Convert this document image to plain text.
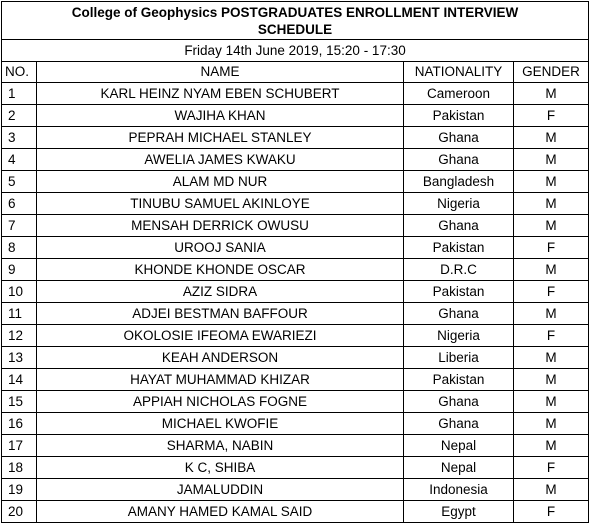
College of Geophysics POSTGRADUATES ENROLLMENT INTERVIEW
SCHEDULE			

Friday 14th June 2019, 15:20 - 17:30			
NO.	NAME	NATIONALITY	GENDER
1	KARL HEINZ NYAM EBEN SCHUBERT	Cameroon	M
2	WAJIHA KHAN	Pakistan	F
3	PEPRAH MICHAEL STANLEY	Ghana	M
4	AWELIA JAMES KWAKU	Ghana	M
5	ALAM MD NUR	Bangladesh	M
6	TINUBU SAMUEL AKINLOYE	Nigeria	M
7	MENSAH DERRICK OWUSU	Ghana	M
8	UROOJ SANIA	Pakistan	F
9	KHONDE KHONDE OSCAR	D.R.C	M
10	AZIZ SIDRA	Pakistan	F
11	ADJEI BESTMAN BAFFOUR	Ghana	M
12	OKOLOSIE IFEOMA EWARIEZI	Nigeria	F
13	KEAH ANDERSON	Liberia	M
14	HAYAT MUHAMMAD KHIZAR	Pakistan	M
15	APPIAH NICHOLAS FOGNE	Ghana	M
16	MICHAEL KWOFIE	Ghana	M
17	SHARMA, NABIN	Nepal	M
18	K C, SHIBA	Nepal	F
19	JAMALUDDIN	Indonesia	M
20	AMANY HAMED KAMAL SAID	Egypt	F
